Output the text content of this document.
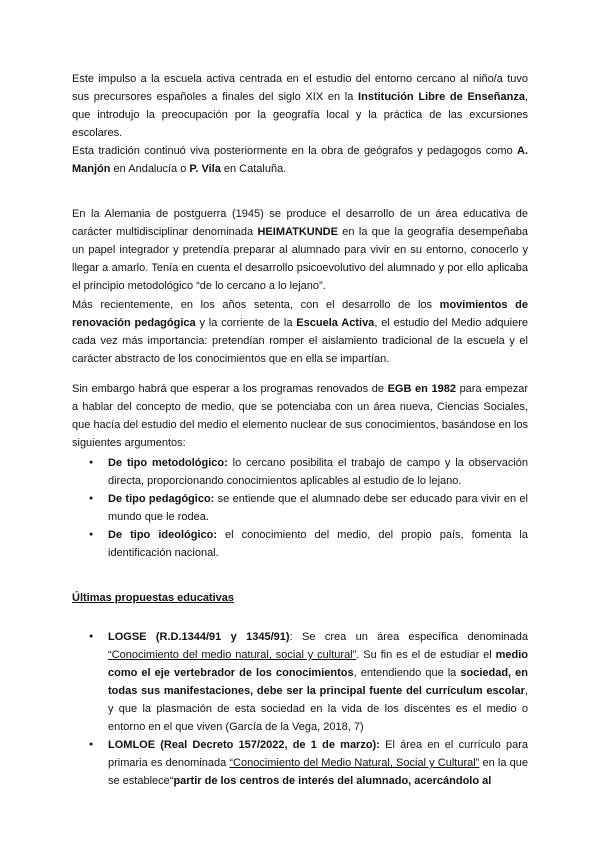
Este impulso a la escuela activa centrada en el estudio del entorno cercano al niño/a tuvo sus precursores españoles a finales del siglo XIX en la Institución Libre de Enseñanza, que introdujo la preocupación por la geografía local y la práctica de las excursiones escolares.

Esta tradición continuó viva posteriormente en la obra de geógrafos y pedagogos como A. Manjón en Andalucía o P. Vila en Cataluña.

En la Alemania de postguerra (1945) se produce el desarrollo de un área educativa de carácter multidisciplinar denominada HEIMATKUNDE en la que la geografía desempeñaba un papel integrador y pretendía preparar al alumnado para vivir en su entorno, conocerlo y llegar a amarlo. Tenía en cuenta el desarrollo psicoevolutivo del alumnado y por ello aplicaba el principio metodológico “de lo cercano a lo lejano”.

Más recientemente, en los años setenta, con el desarrollo de los movimientos de renovación pedagógica y la corriente de la Escuela Activa, el estudio del Medio adquiere cada vez más importancia: pretendían romper el aislamiento tradicional de la escuela y el carácter abstracto de los conocimientos que en ella se impartían.

Sin embargo habrá que esperar a los programas renovados de EGB en 1982 para empezar a hablar del concepto de medio, que se potenciaba con un área nueva, Ciencias Sociales, que hacía del estudio del medio el elemento nuclear de sus conocimientos, basándose en los siguientes argumentos:

● De tipo metodológico: lo cercano posibilita el trabajo de campo y la observación directa, proporcionando conocimientos aplicables al estudio de lo lejano.
● De tipo pedagógico: se entiende que el alumnado debe ser educado para vivir en el mundo que le rodea.
● De tipo ideológico: el conocimiento del medio, del propio país, fomenta la identificación nacional.
Últimas propuestas educativas
● LOGSE (R.D.1344/91 y 1345/91): Se crea un área específica denominada “Conocimiento del medio natural, social y cultural”. Su fin es el de estudiar el medio como el eje vertebrador de los conocimientos, entendiendo que la sociedad, en todas sus manifestaciones, debe ser la principal fuente del currículum escolar, y que la plasmación de esta sociedad en la vida de los discentes es el medio o entorno en el que viven (García de la Vega, 2018, 7)
● LOMLOE (Real Decreto 157/2022, de 1 de marzo): El área en el currículo para primaria es denominada “Conocimiento del Medio Natural, Social y Cultural” en la que se establece“partir de los centros de interés del alumnado, acercándolo al
